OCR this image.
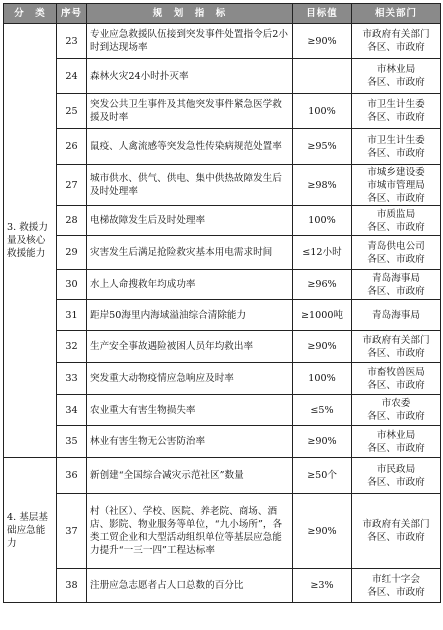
分　类	序号	规　划　指　标	目标值	相关部门
3. 救援力量及核心救援能力	23	专业应急救援队伍接到突发事件处置指令后2小时到达现场率	≥90%	市政府有关部门
各区、市政府

	24	森林火灾24小时扑灭率		市林业局
各区、市政府

	25	突发公共卫生事件及其他突发事件紧急医学救援及时率	100%	市卫生计生委
各区、市政府

	26	鼠疫、人禽流感等突发急性传染病规范处置率	≥95%	市卫生计生委
各区、市政府

	27	城市供水、供气、供电、集中供热故障发生后及时处理率	≥98%	市城乡建设委
市城市管理局
各区、市政府

	28	电梯故障发生后及时处理率	100%	市质监局
各区、市政府

	29	灾害发生后满足抢险救灾基本用电需求时间	≤12小时	青岛供电公司
各区、市政府

	30	水上人命搜救年均成功率	≥96%	青岛海事局
各区、市政府

	31	距岸50海里内海域溢油综合清除能力	≥1000吨	青岛海事局

	32	生产安全事故遇险被困人员年均救出率	≥90%	市政府有关部门
各区、市政府

	33	突发重大动物疫情应急响应及时率	100%	市畜牧兽医局
各区、市政府

	34	农业重大有害生物损失率	≤5%	市农委
各区、市政府

	35	林业有害生物无公害防治率	≥90%	市林业局
各区、市政府

4. 基层基础应急能力	36	新创建“全国综合减灾示范社区”数量	≥50个	市民政局
各区、市政府

	37	村（社区）、学校、医院、养老院、商场、酒店、影院、物业服务等单位，“九小场所”，各类工贸企业和大型活动组织单位等基层应急能力提升“一三一四”工程达标率	≥90%	市政府有关部门
各区、市政府

	38	注册应急志愿者占人口总数的百分比	≥3%	市红十字会
各区、市政府
